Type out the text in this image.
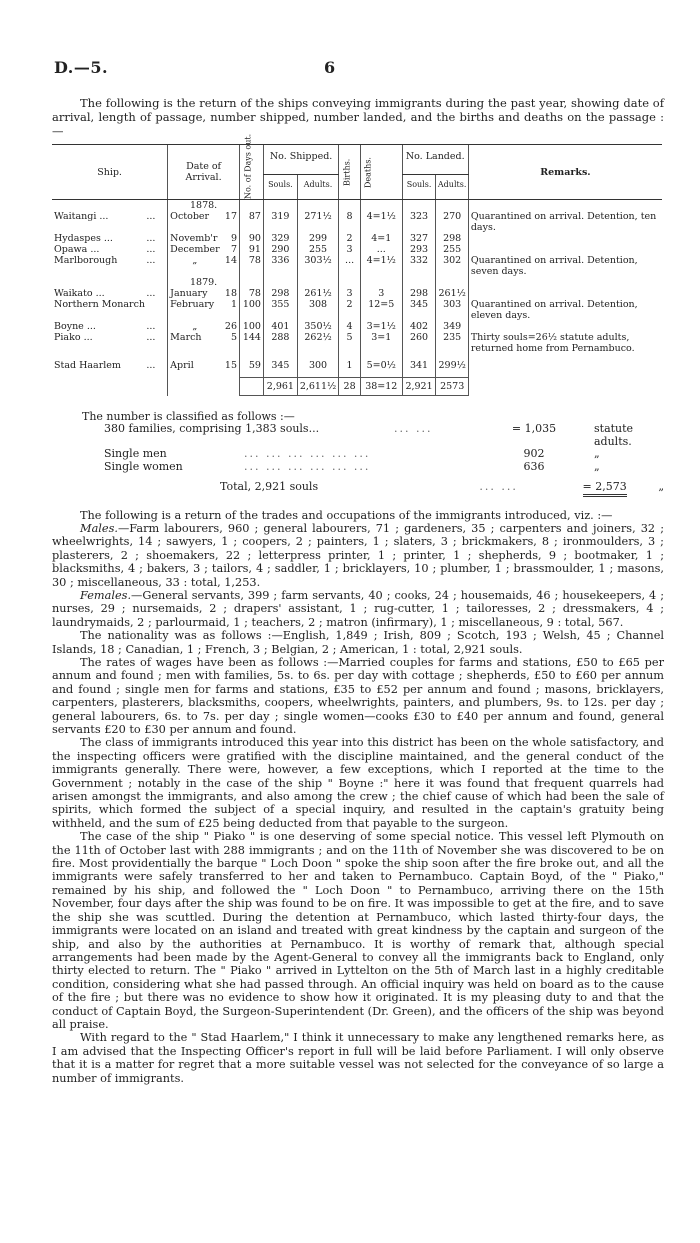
D.—5.	6
The following is the return of the ships conveying immigrants during the past year, showing date of arrival, length of passage, number shipped, number landed, and the births and deaths on the passage :—
Ship.		Date of Arrival.		No. of Days out.	No. Shipped.		Births.	Deaths.	No. Landed.		Remarks.
					Souls.	Adults.			Souls.	Adults.	
		1878.									
Waitangi ...	...	October	17	87	319	271½	8	4=1½	323	270	Quarantined on arrival. Detention, ten days.
Hydaspes ...	...	Novemb'r	9	90	329	299	2	4=1	327	298	
Opawa ...	...	December	7	91	290	255	3	...	293	255	
Marlborough	...	„	14	78	336	303½	...	4=1½	332	302	Quarantined on arrival. Detention, seven days.
		1879.									
Waikato ...	...	January	18	78	298	261½	3	3	298	261½	
Northern Monarch		February	1	100	355	308	2	12=5	345	303	Quarantined on arrival. Detention, eleven days.
Boyne ...	...	„	26	100	401	350½	4	3=1½	402	349	
Piako ...	...	March	5	144	288	262½	5	3=1	260	235	Thirty souls=26½ statute adults, returned home from Pernambuco.

Stad Haarlem	...	April	15	59	345	300	1	5=0½	341	299½	

					2,961	2,611½	28	38=12	2,921	2573	
The number is classified as follows :—
380 families, comprising 1,383 souls...	... ...	= 1,035	statute adults.
Single men	... ... ... ... ... ...	902	„
Single women	... ... ... ... ... ...	636	„
Total, 2,921 souls	... ...	= 2,573	„

The following is a return of the trades and occupations of the immigrants introduced, viz. :—

Males.—Farm labourers, 960 ; general labourers, 71 ; gardeners, 35 ; carpenters and joiners, 32 ; wheelwrights, 14 ; sawyers, 1 ; coopers, 2 ; painters, 1 ; slaters, 3 ; brickmakers, 8 ; ironmoulders, 3 ; plasterers, 2 ; shoemakers, 22 ; letterpress printer, 1 ; printer, 1 ; shepherds, 9 ; bootmaker, 1 ; blacksmiths, 4 ; bakers, 3 ; tailors, 4 ; saddler, 1 ; bricklayers, 10 ; plumber, 1 ; brassmoulder, 1 ; masons, 30 ; miscellaneous, 33 : total, 1,253.

Females.—General servants, 399 ; farm servants, 40 ; cooks, 24 ; housemaids, 46 ; housekeepers, 4 ; nurses, 29 ; nursemaids, 2 ; drapers' assistant, 1 ; rug-cutter, 1 ; tailoresses, 2 ; dressmakers, 4 ; laundrymaids, 2 ; parlourmaid, 1 ; teachers, 2 ; matron (infirmary), 1 ; miscellaneous, 9 : total, 567.

The nationality was as follows :—English, 1,849 ; Irish, 809 ; Scotch, 193 ; Welsh, 45 ; Channel Islands, 18 ; Canadian, 1 ; French, 3 ; Belgian, 2 ; American, 1 : total, 2,921 souls.

The rates of wages have been as follows :—Married couples for farms and stations, £50 to £65 per annum and found ; men with families, 5s. to 6s. per day with cottage ; shepherds, £50 to £60 per annum and found ; single men for farms and stations, £35 to £52 per annum and found ; masons, bricklayers, carpenters, plasterers, blacksmiths, coopers, wheelwrights, painters, and plumbers, 9s. to 12s. per day ; general labourers, 6s. to 7s. per day ; single women—cooks £30 to £40 per annum and found, general servants £20 to £30 per annum and found.

The class of immigrants introduced this year into this district has been on the whole satisfactory, and the inspecting officers were gratified with the discipline maintained, and the general conduct of the immigrants generally. There were, however, a few exceptions, which I reported at the time to the Government ; notably in the case of the ship " Boyne :" here it was found that frequent quarrels had arisen amongst the immigrants, and also among the crew ; the chief cause of which had been the sale of spirits, which formed the subject of a special inquiry, and resulted in the captain's gratuity being withheld, and the sum of £25 being deducted from that payable to the surgeon.

The case of the ship " Piako " is one deserving of some special notice. This vessel left Plymouth on the 11th of October last with 288 immigrants ; and on the 11th of November she was discovered to be on fire. Most providentially the barque " Loch Doon " spoke the ship soon after the fire broke out, and all the immigrants were safely transferred to her and taken to Pernambuco. Captain Boyd, of the " Piako," remained by his ship, and followed the " Loch Doon " to Pernambuco, arriving there on the 15th November, four days after the ship was found to be on fire. It was impossible to get at the fire, and to save the ship she was scuttled. During the detention at Pernambuco, which lasted thirty-four days, the immigrants were located on an island and treated with great kindness by the captain and surgeon of the ship, and also by the authorities at Pernambuco. It is worthy of remark that, although special arrangements had been made by the Agent-General to convey all the immigrants back to England, only thirty elected to return. The " Piako " arrived in Lyttelton on the 5th of March last in a highly creditable condition, considering what she had passed through. An official inquiry was held on board as to the cause of the fire ; but there was no evidence to show how it originated. It is my pleasing duty to and that the conduct of Captain Boyd, the Surgeon-Superintendent (Dr. Green), and the officers of the ship was beyond all praise.

With regard to the " Stad Haarlem," I think it unnecessary to make any lengthened remarks here, as I am advised that the Inspecting Officer's report in full will be laid before Parliament. I will only observe that it is a matter for regret that a more suitable vessel was not selected for the conveyance of so large a number of immigrants.
